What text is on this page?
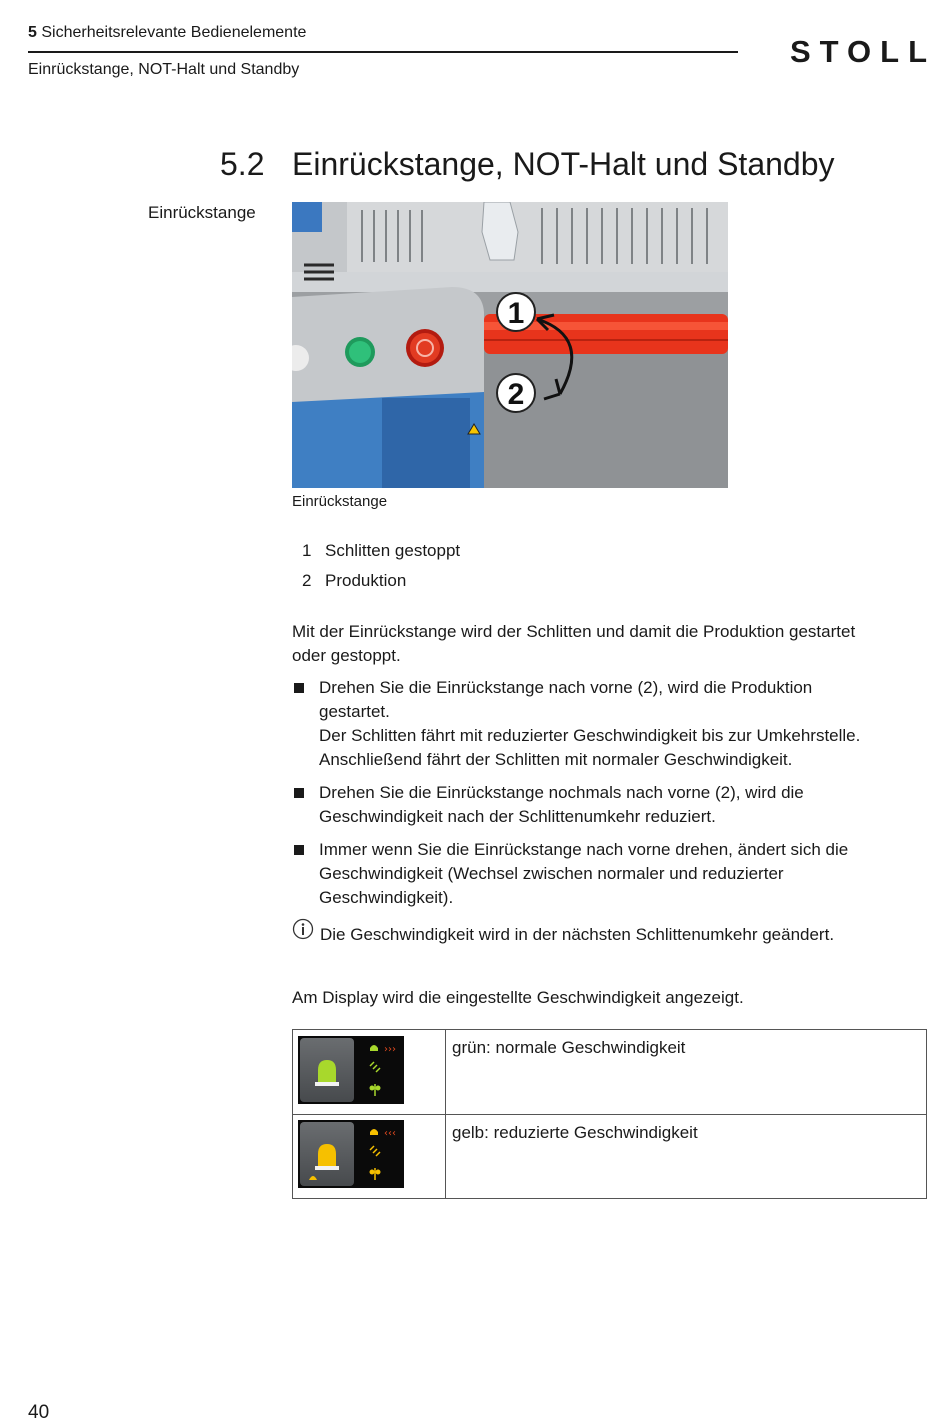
5 Sicherheitsrelevante Bedienelemente
Einrückstange, NOT-Halt und Standby
STOLL
5.2 Einrückstange, NOT-Halt und Standby
Einrückstange
1
2
Einrückstange
1 Schlitten gestoppt
2 Produktion
Mit der Einrückstange wird der Schlitten und damit die Produktion gestartet
oder gestoppt.
Drehen Sie die Einrückstange nach vorne (2), wird die Produktion
gestartet.
Der Schlitten fährt mit reduzierter Geschwindigkeit bis zur Umkehrstelle.
Anschließend fährt der Schlitten mit normaler Geschwindigkeit.
Drehen Sie die Einrückstange nochmals nach vorne (2), wird die
Geschwindigkeit nach der Schlittenumkehr reduziert.
Immer wenn Sie die Einrückstange nach vorne drehen, ändert sich die
Geschwindigkeit (Wechsel zwischen normaler und reduzierter
Geschwindigkeit).
Die Geschwindigkeit wird in der nächsten Schlittenumkehr geändert.
Am Display wird die eingestellte Geschwindigkeit angezeigt.
›››	grün: normale Geschwindigkeit
‹‹‹	gelb: reduzierte Geschwindigkeit
40
